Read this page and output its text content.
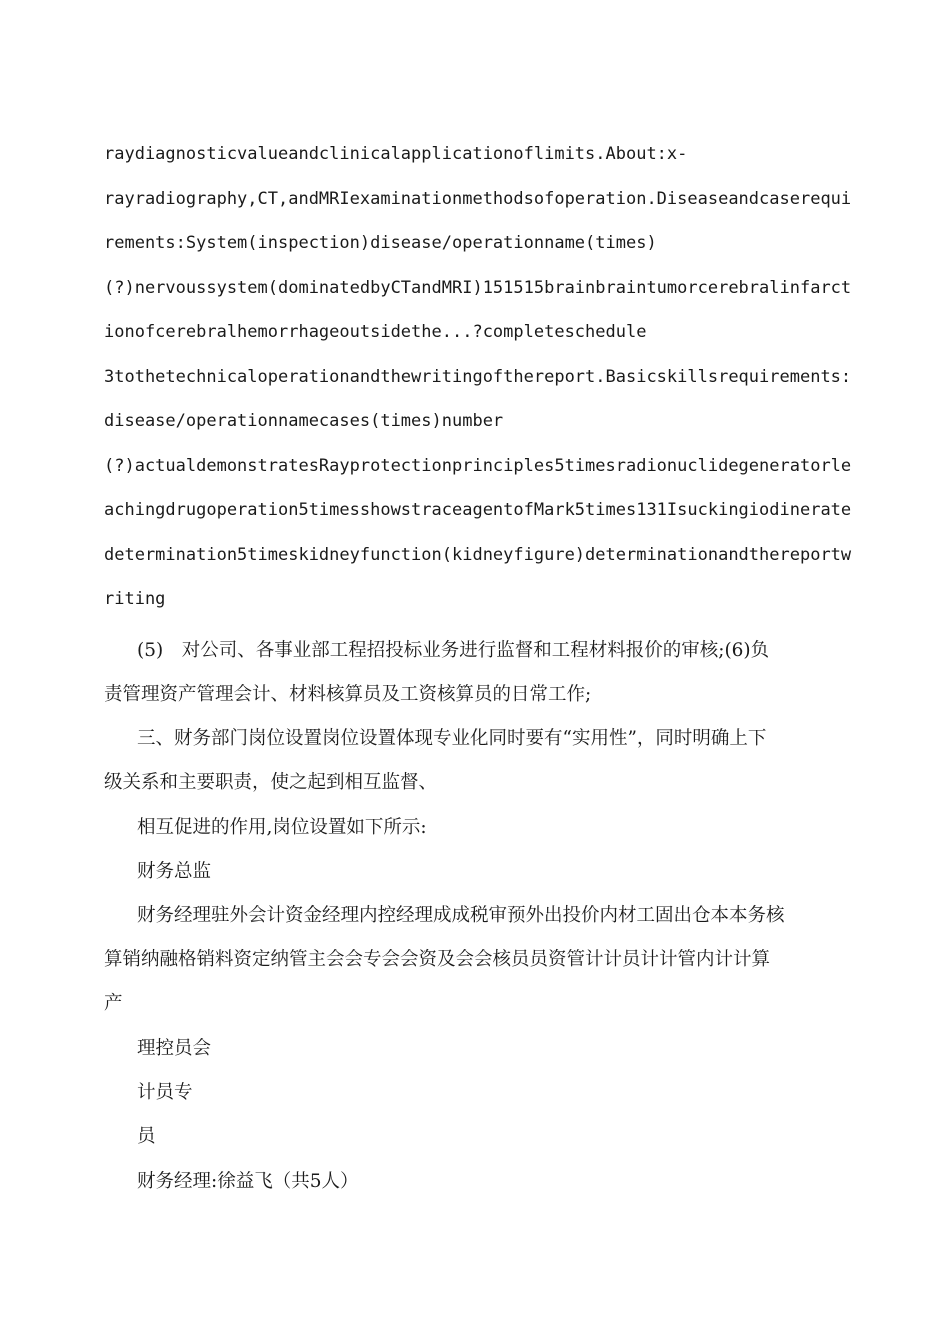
raydiagnosticvalueandclinicalapplicationoflimits.About:x-
rayradiography,CT,andMRIexaminationmethodsofoperation.Diseaseandcaserequi
rements:System(inspection)disease/operationname(times)
(?)nervoussystem(dominatedbyCTandMRI)151515brainbraintumorcerebralinfarct
ionofcerebralhemorrhageoutsidethe...?completeschedule
3tothetechnicaloperationandthewritingofthereport.Basicskillsrequirements:
disease/operationnamecases(times)number
(?)actualdemonstratesRayprotectionprinciples5timesradionuclidegeneratorle
achingdrugoperation5timesshowstraceagentofMark5times131Isuckingiodinerate
determination5timeskidneyfunction(kidneyfigure)determinationandthereportw
riting
(5)　对公司、各事业部工程招投标业务进行监督和工程材料报价的审核;(6)负
责管理资产管理会计、材料核算员及工资核算员的日常工作;
三、财务部门岗位设置岗位设置体现专业化同时要有“实用性”，同时明确上下
级关系和主要职责，使之起到相互监督、
相互促进的作用,岗位设置如下所示:
财务总监
财务经理驻外会计资金经理内控经理成成税审预外出投价内材工固出仓本本务核
算销纳融格销料资定纳管主会会专会会资及会会核员员资管计计员计计管内计计算
产
理控员会
计员专
员
财务经理:徐益飞（共5人）
